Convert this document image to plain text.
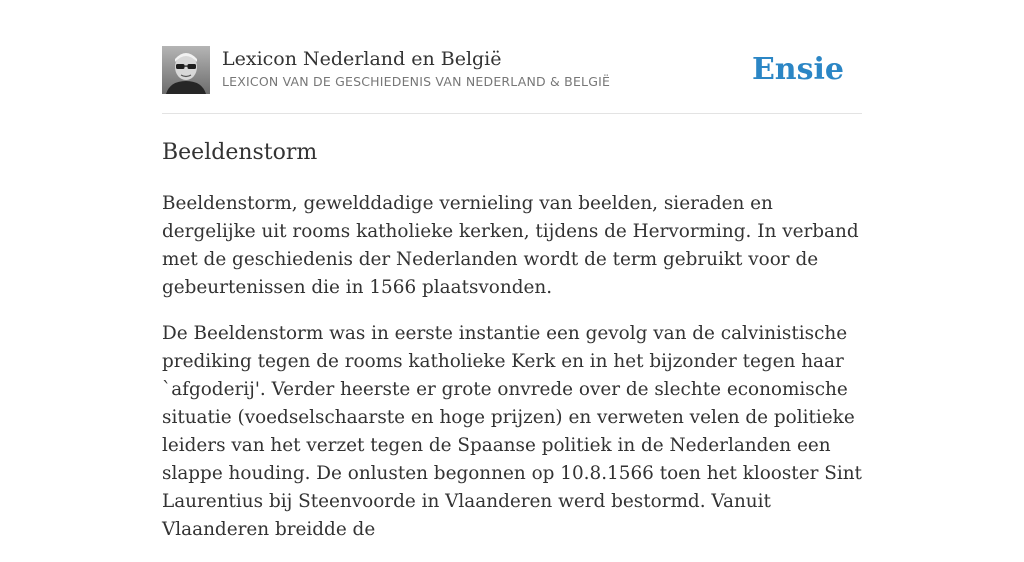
Lexicon Nederland en België
LEXICON VAN DE GESCHIEDENIS VAN NEDERLAND & BELGIË	Ensie
Beeldenstorm

Beeldenstorm, gewelddadige vernieling van beelden, sieraden en dergelijke uit rooms katholieke kerken, tijdens de Hervorming. In verband met de geschiedenis der Nederlanden wordt de term gebruikt voor de gebeurtenissen die in 1566 plaatsvonden.

De Beeldenstorm was in eerste instantie een gevolg van de calvinistische prediking tegen de rooms katholieke Kerk en in het bijzonder tegen haar `afgoderij'. Verder heerste er grote onvrede over de slechte economische situatie (voedselschaarste en hoge prijzen) en verweten velen de politieke leiders van het verzet tegen de Spaanse politiek in de Nederlanden een slappe houding. De onlusten begonnen op 10.8.1566 toen het klooster Sint Laurentius bij Steenvoorde in Vlaanderen werd bestormd. Vanuit Vlaanderen breidde de
